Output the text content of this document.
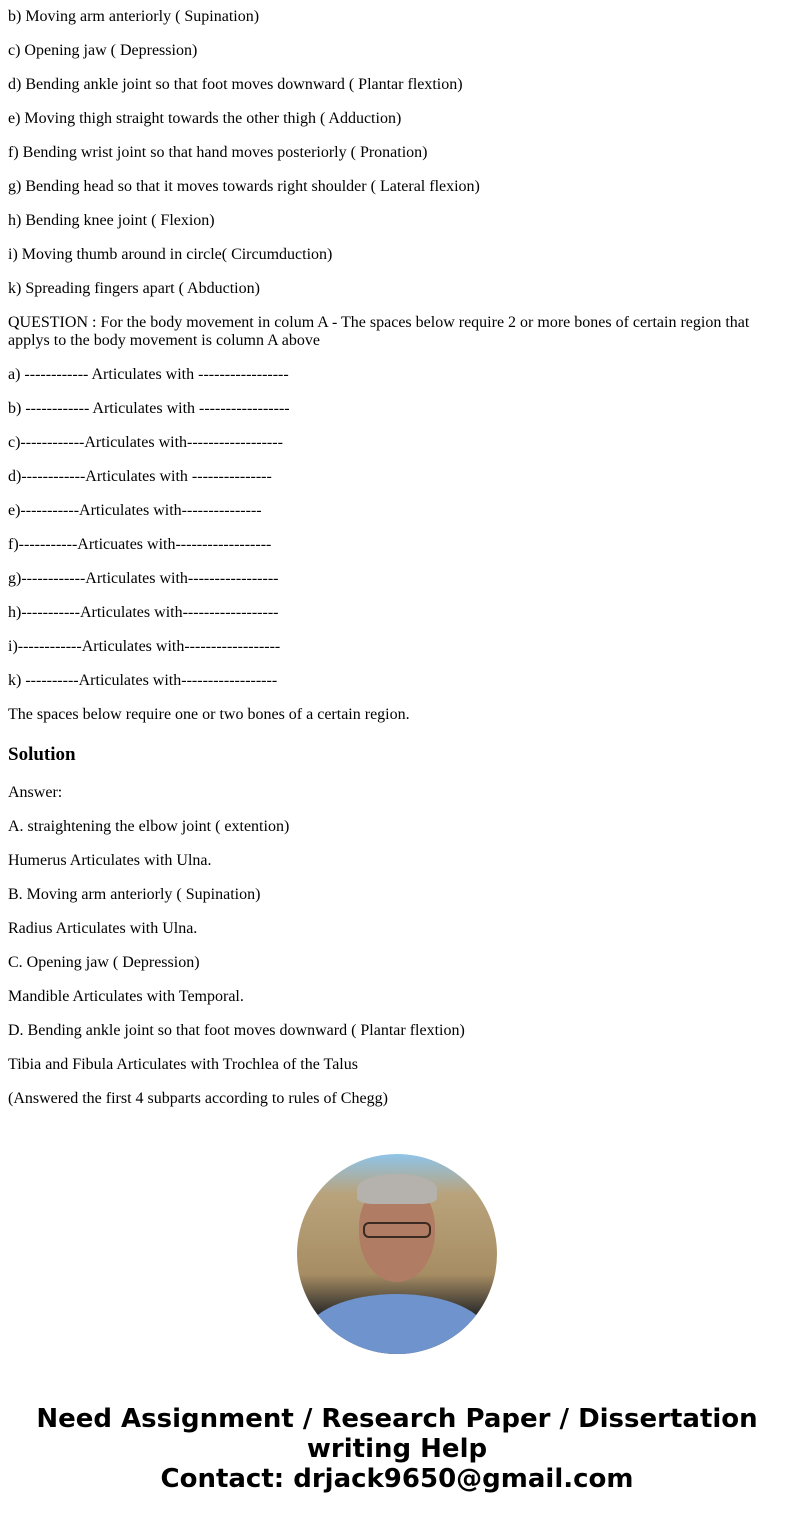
b) Moving arm anteriorly ( Supination)

c) Opening jaw ( Depression)

d) Bending ankle joint so that foot moves downward ( Plantar flextion)

e) Moving thigh straight towards the other thigh ( Adduction)

f) Bending wrist joint so that hand moves posteriorly ( Pronation)

g) Bending head so that it moves towards right shoulder ( Lateral flexion)

h) Bending knee joint ( Flexion)

i) Moving thumb around in circle( Circumduction)

k) Spreading fingers apart ( Abduction)

QUESTION : For the body movement in colum A - The spaces below require 2 or more bones of certain region that applys to the body movement is column A above

a) ------------ Articulates with -----------------

b) ------------ Articulates with -----------------

c)------------Articulates with------------------

d)------------Articulates with ---------------

e)-----------Articulates with---------------

f)-----------Articuates with------------------

g)------------Articulates with-----------------

h)-----------Articulates with------------------

i)------------Articulates with------------------

k) ----------Articulates with------------------

The spaces below require one or two bones of a certain region.

Solution

Answer:

A. straightening the elbow joint ( extention)

Humerus Articulates with Ulna.

B. Moving arm anteriorly ( Supination)

Radius Articulates with Ulna.

C. Opening jaw ( Depression)

Mandible Articulates with Temporal.

D. Bending ankle joint so that foot moves downward ( Plantar flextion)

Tibia and Fibula Articulates with Trochlea of the Talus

(Answered the first 4 subparts according to rules of Chegg)

Need Assignment / Research Paper / Dissertation writing Help
Contact: drjack9650@gmail.com
